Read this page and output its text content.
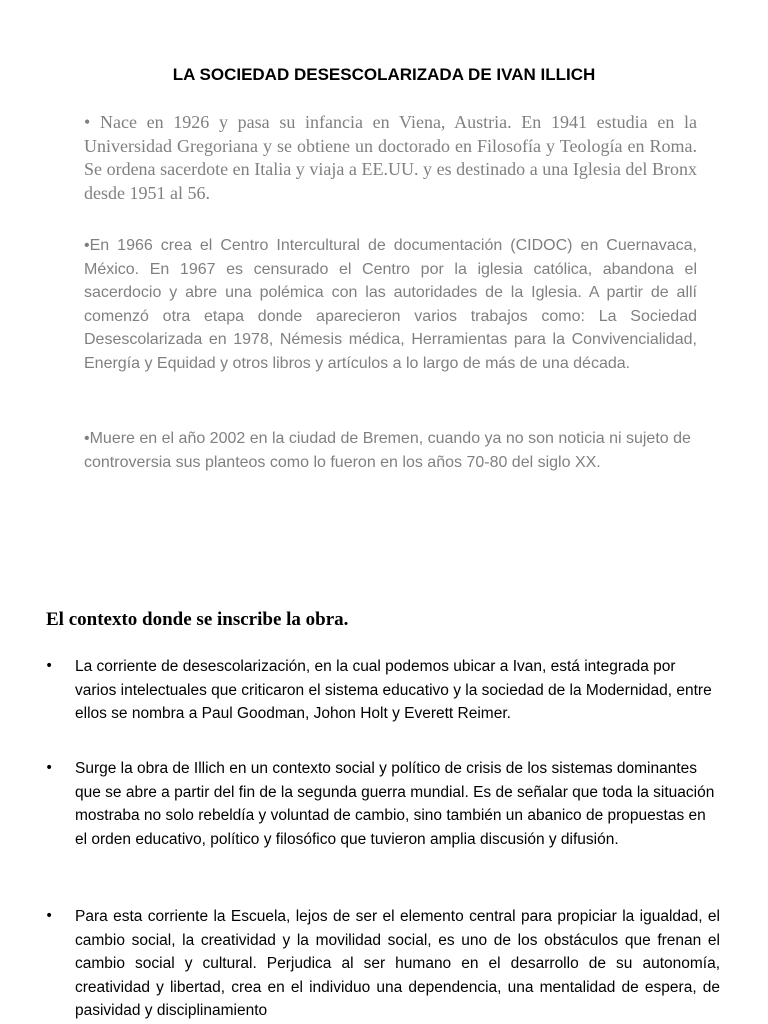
LA SOCIEDAD DESESCOLARIZADA DE IVAN ILLICH

• Nace en 1926 y pasa su infancia en Viena, Austria. En 1941 estudia en la Universidad Gregoriana y se obtiene un doctorado en Filosofía y Teología en Roma. Se ordena sacerdote en Italia y viaja a EE.UU. y es destinado a una Iglesia del Bronx desde 1951 al 56.

•En 1966 crea el Centro Intercultural de documentación (CIDOC) en Cuernavaca, México. En 1967 es censurado el Centro por la iglesia católica, abandona el sacerdocio y abre una polémica con las autoridades de la Iglesia. A partir de allí comenzó otra etapa donde aparecieron varios trabajos como: La Sociedad Desescolarizada en 1978, Némesis médica, Herramientas para la Convivencialidad, Energía y Equidad y otros libros y artículos a lo largo de más de una década.

•Muere en el año 2002 en la ciudad de Bremen, cuando ya no son noticia ni sujeto de controversia sus planteos como lo fueron en los años 70-80 del siglo XX.

El contexto donde se inscribe la obra.
• La corriente de desescolarización, en la cual podemos ubicar a Ivan, está integrada por varios intelectuales que criticaron el sistema educativo y la sociedad de la Modernidad, entre ellos se nombra a Paul Goodman, Johon Holt y Everett Reimer.

• Surge la obra de Illich en un contexto social y político de crisis de los sistemas dominantes que se abre a partir del fin de la segunda guerra mundial. Es de señalar que toda la situación mostraba no solo rebeldía y voluntad de cambio, sino también un abanico de propuestas en el orden educativo, político y filosófico que tuvieron amplia discusión y difusión.

• Para esta corriente la Escuela, lejos de ser el elemento central para propiciar la igualdad, el cambio social, la creatividad y la movilidad social, es uno de los obstáculos que frenan el cambio social y cultural. Perjudica al ser humano en el desarrollo de su autonomía, creatividad y libertad, crea en el individuo una dependencia, una mentalidad de espera, de pasividad y disciplinamiento
